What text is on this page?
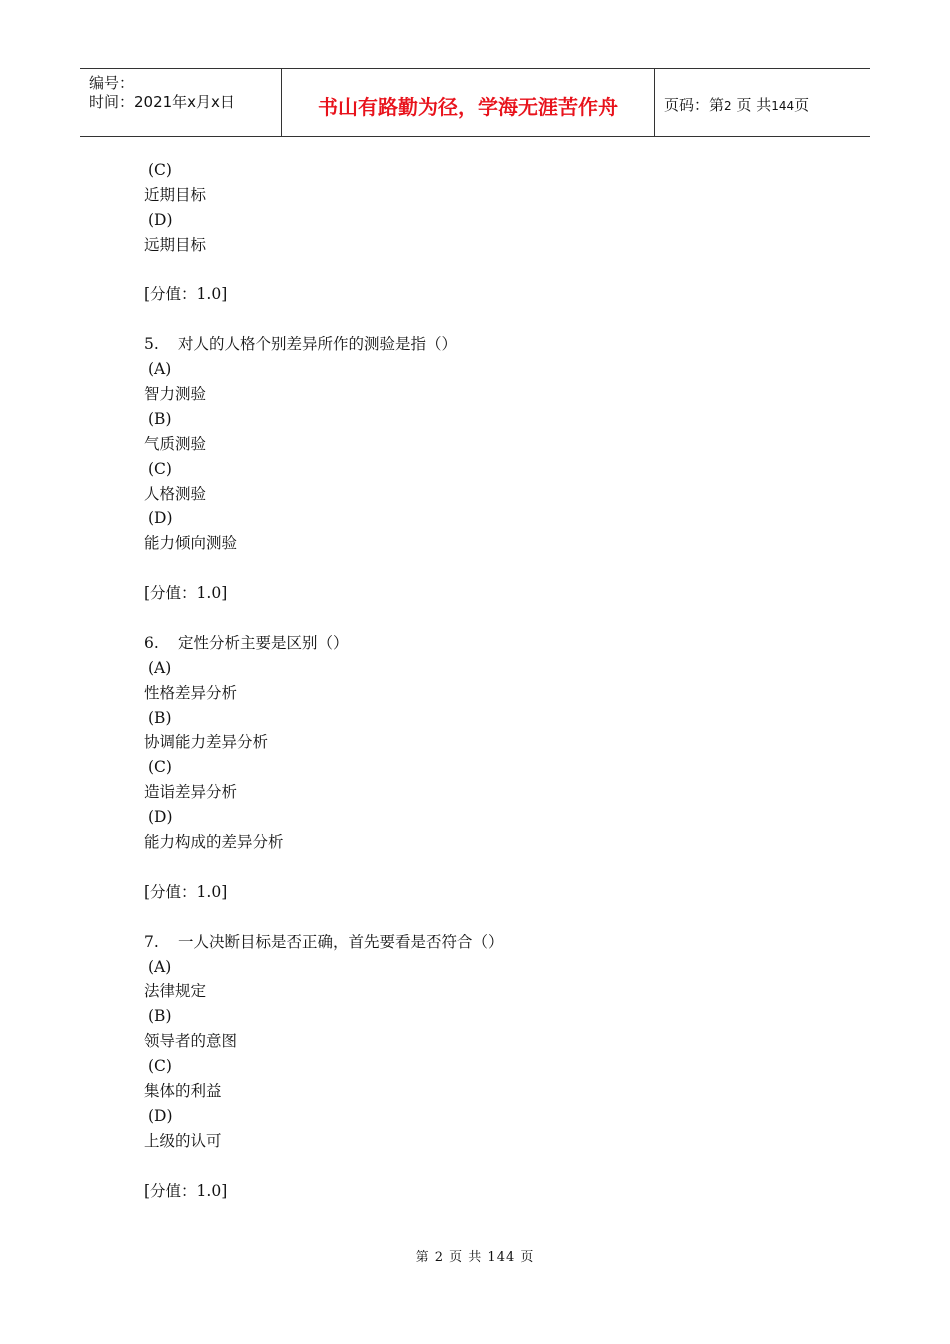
编号：
时间：2021年x月x日	书山有路勤为径，学海无涯苦作舟	页码：第2 页 共144页
(C)
近期目标
(D)
远期目标
[分值：1.0]
5. 对人的人格个别差异所作的测验是指（）
(A)
智力测验
(B)
气质测验
(C)
人格测验
(D)
能力倾向测验
[分值：1.0]
6. 定性分析主要是区别（）
(A)
性格差异分析
(B)
协调能力差异分析
(C)
造诣差异分析
(D)
能力构成的差异分析
[分值：1.0]
7. 一人决断目标是否正确，首先要看是否符合（）
(A)
法律规定
(B)
领导者的意图
(C)
集体的利益
(D)
上级的认可
[分值：1.0]
第 2 页 共 144 页
